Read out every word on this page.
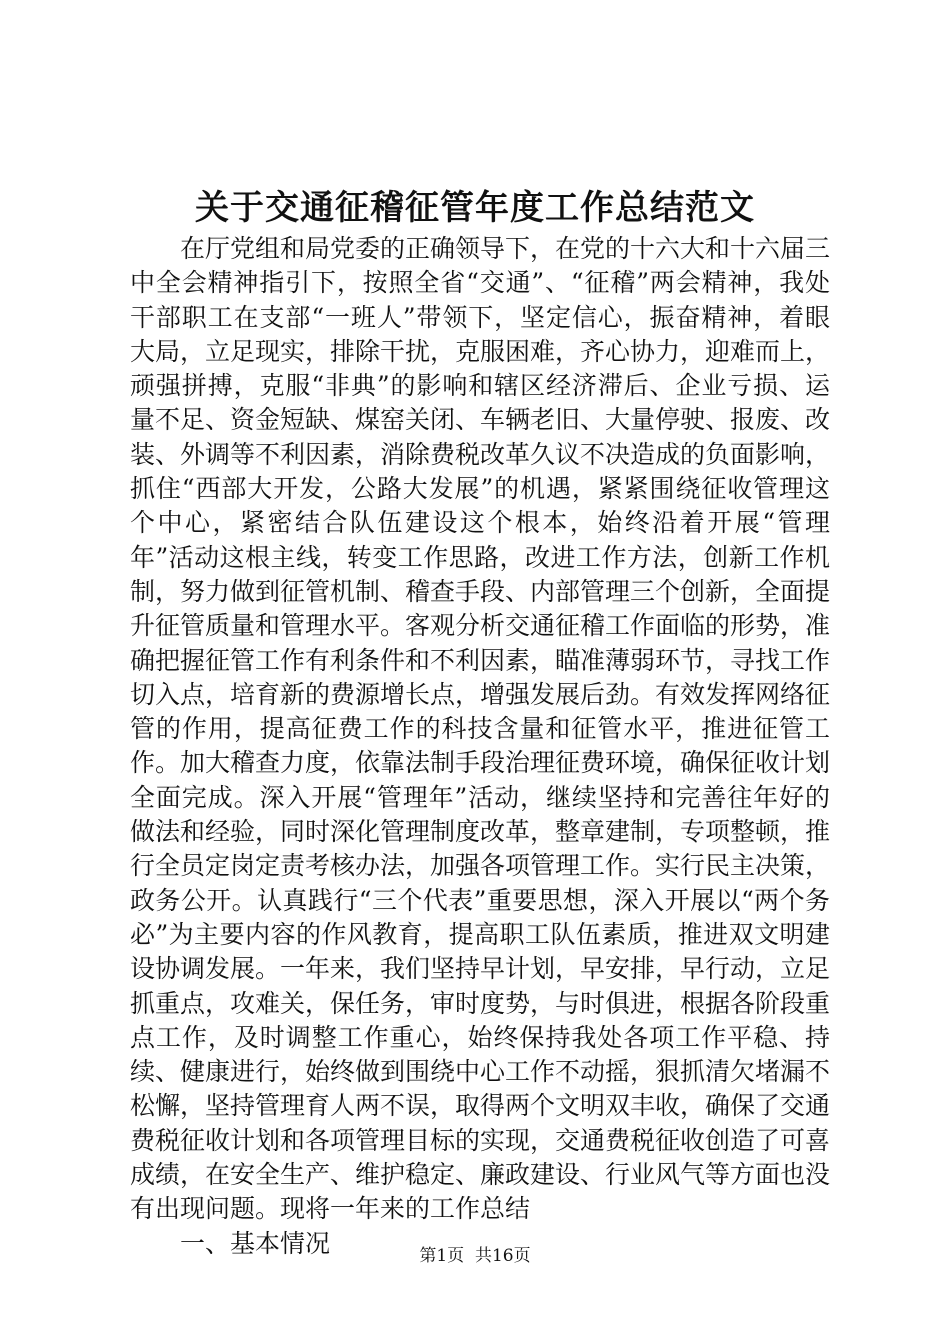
关于交通征稽征管年度工作总结范文

在厅党组和局党委的正确领导下，在党的十六大和十六届三中全会精神指引下，按照全省“交通”、“征稽”两会精神，我处干部职工在支部“一班人”带领下，坚定信心，振奋精神，着眼大局，立足现实，排除干扰，克服困难，齐心协力，迎难而上，顽强拼搏，克服“非典”的影响和辖区经济滞后、企业亏损、运量不足、资金短缺、煤窑关闭、车辆老旧、大量停驶、报废、改装、外调等不利因素，消除费税改革久议不决造成的负面影响，抓住“西部大开发，公路大发展”的机遇，紧紧围绕征收管理这个中心，紧密结合队伍建设这个根本，始终沿着开展“管理年”活动这根主线，转变工作思路，改进工作方法，创新工作机制，努力做到征管机制、稽查手段、内部管理三个创新，全面提升征管质量和管理水平。客观分析交通征稽工作面临的形势，准确把握征管工作有利条件和不利因素，瞄准薄弱环节，寻找工作切入点，培育新的费源增长点，增强发展后劲。有效发挥网络征管的作用，提高征费工作的科技含量和征管水平，推进征管工作。加大稽查力度，依靠法制手段治理征费环境，确保征收计划全面完成。深入开展“管理年”活动，继续坚持和完善往年好的做法和经验，同时深化管理制度改革，整章建制，专项整顿，推行全员定岗定责考核办法，加强各项管理工作。实行民主决策，政务公开。认真践行“三个代表”重要思想，深入开展以“两个务必”为主要内容的作风教育，提高职工队伍素质，推进双文明建设协调发展。一年来，我们坚持早计划，早安排，早行动，立足抓重点，攻难关，保任务，审时度势，与时俱进，根据各阶段重点工作，及时调整工作重心，始终保持我处各项工作平稳、持续、健康进行，始终做到围绕中心工作不动摇，狠抓清欠堵漏不松懈，坚持管理育人两不误，取得两个文明双丰收，确保了交通费税征收计划和各项管理目标的实现，交通费税征收创造了可喜成绩，在安全生产、维护稳定、廉政建设、行业风气等方面也没有出现问题。现将一年来的工作总结

一、基本情况	第1页  共16页
